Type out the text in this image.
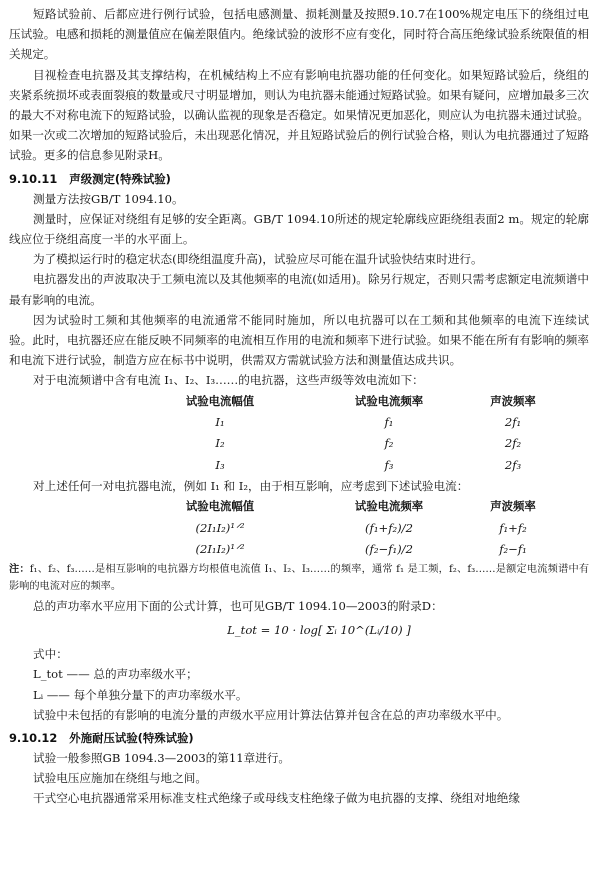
短路试验前、后都应进行例行试验，包括电感测量、损耗测量及按照9.10.7在100%规定电压下的绕组过电压试验。电感和损耗的测量值应在偏差限值内。绝缘试验的波形不应有变化，同时符合高压绝缘试验系统限值的相关规定。

目视检查电抗器及其支撑结构，在机械结构上不应有影响电抗器功能的任何变化。如果短路试验后，绕组的夹紧系统损坏或表面裂痕的数量或尺寸明显增加，则认为电抗器未能通过短路试验。如果有疑问，应增加最多三次的最大不对称电流下的短路试验，以确认监视的现象是否稳定。如果情况更加恶化，则应认为电抗器未通过试验。如果一次或二次增加的短路试验后，未出现恶化情况，并且短路试验后的例行试验合格，则认为电抗器通过了短路试验。更多的信息参见附录H。

9.10.11 声级测定(特殊试验)

测量方法按GB/T 1094.10。

测量时，应保证对绕组有足够的安全距离。GB/T 1094.10所述的规定轮廓线应距绕组表面2 m。规定的轮廓线应位于绕组高度一半的水平面上。

为了模拟运行时的稳定状态(即绕组温度升高)，试验应尽可能在温升试验快结束时进行。

电抗器发出的声波取决于工频电流以及其他频率的电流(如适用)。除另行规定，否则只需考虑额定电流频谱中最有影响的电流。

因为试验时工频和其他频率的电流通常不能同时施加，所以电抗器可以在工频和其他频率的电流下连续试验。此时，电抗器还应在能反映不同频率的电流相互作用的电流和频率下进行试验。如果不能在所有有影响的频率和电流下进行试验，制造方应在标书中说明，供需双方需就试验方法和测量值达成共识。

对于电流频谱中含有电流 I₁、I₂、I₃……的电抗器，这些声级等效电流如下：

试验电流幅值	试验电流频率	声波频率
I₁	f₁	2f₁
I₂	f₂	2f₂
I₃	f₃	2f₃

对上述任何一对电抗器电流，例如 I₁ 和 I₂，由于相互影响，应考虑到下述试验电流：

试验电流幅值	试验电流频率	声波频率
(2I₁I₂)¹ᐟ²	(f₁+f₂)/2	f₁+f₂
(2I₁I₂)¹ᐟ²	(f₂−f₁)/2	f₂−f₁

注：f₁、f₂、f₃……是相互影响的电抗器方均根值电流值 I₁、I₂、I₃……的频率，通常 f₁ 是工频，f₂、f₃……是额定电流频谱中有影响的电流对应的频率。

总的声功率水平应用下面的公式计算，也可见GB/T 1094.10—2003的附录D：

L_tot = 10 · log[ Σᵢ 10^(Lᵢ/10) ]

式中：

L_tot —— 总的声功率级水平；

Lᵢ —— 每个单独分量下的声功率级水平。

试验中未包括的有影响的电流分量的声级水平应用计算法估算并包含在总的声功率级水平中。

9.10.12 外施耐压试验(特殊试验)

试验一般参照GB 1094.3—2003的第11章进行。

试验电压应施加在绕组与地之间。

干式空心电抗器通常采用标准支柱式绝缘子或母线支柱绝缘子做为电抗器的支撑、绕组对地绝缘
